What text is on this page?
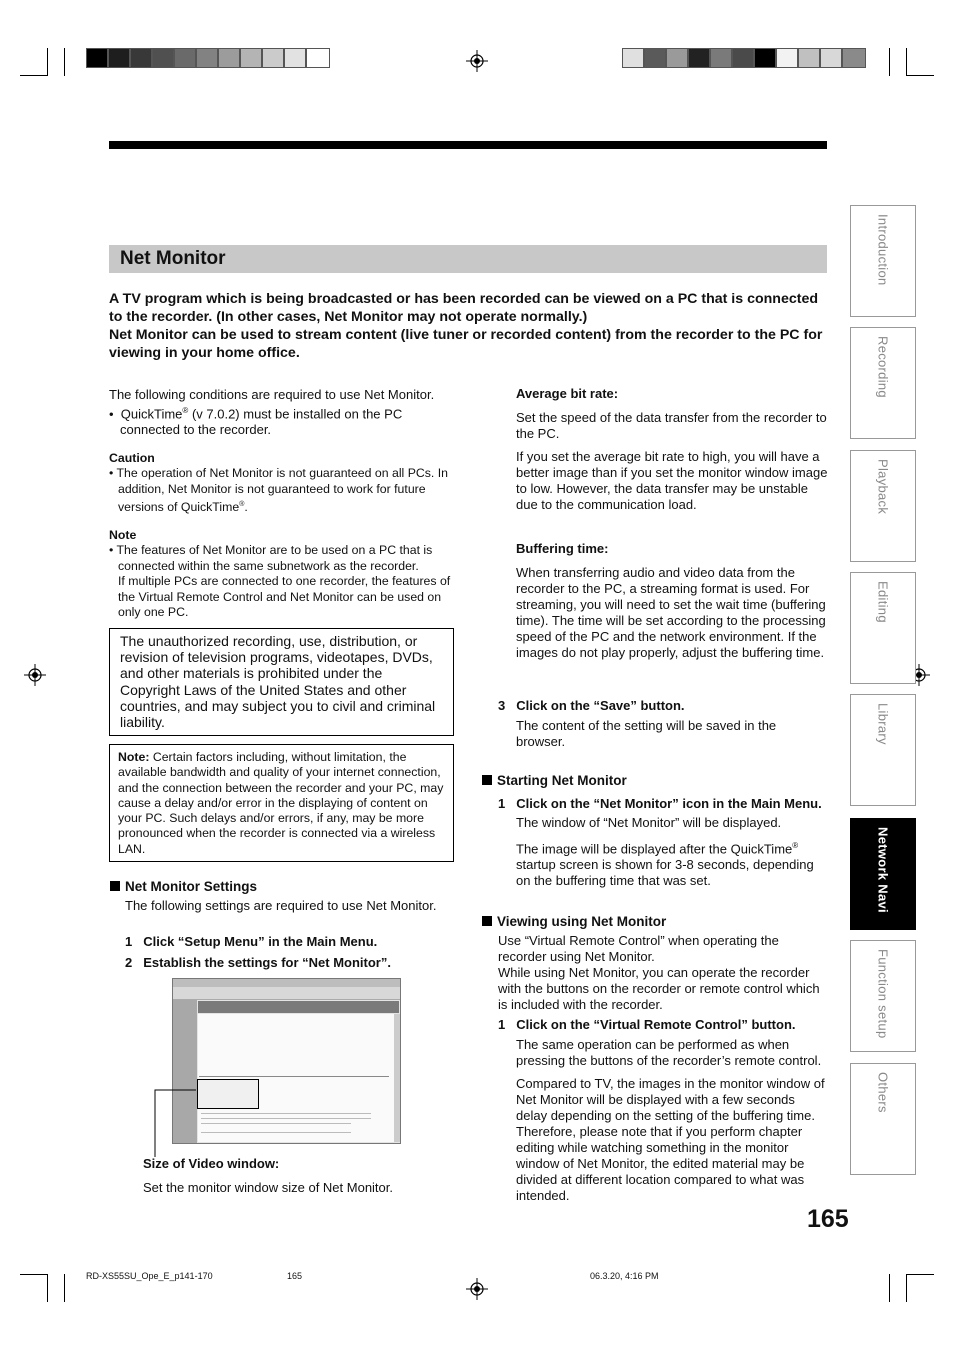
Net Monitor

A TV program which is being broadcasted or has been recorded can be viewed on a PC that is connected to the recorder. (In other cases, Net Monitor may not operate normally.)

Net Monitor can be used to stream content (live tuner or recorded content) from the recorder to the PC for viewing in your home office.

The following conditions are required to use Net Monitor.

•  QuickTime® (v 7.0.2) must be installed on the PC connected to the recorder.

Caution

• The operation of Net Monitor is not guaranteed on all PCs. In addition, Net Monitor is not guaranteed to work for future versions of QuickTime®.

Note

• The features of Net Monitor are to be used on a PC that is connected within the same subnetwork as the recorder.

If multiple PCs are connected to one recorder, the features of the Virtual Remote Control and Net Monitor can be used on only one PC.

The unauthorized recording, use, distribution, or revision of television programs, videotapes, DVDs, and other materials is prohibited under the Copyright Laws of the United States and other countries, and may subject you to civil and criminal liability.
Note: Certain factors including, without limitation, the available bandwidth and quality of your internet connection, and the connection between the recorder and your PC, may cause a delay and/or error in the displaying of content on your PC. Such delays and/or errors, if any, may be more pronounced when the recorder is connected via a wireless LAN.
Net Monitor Settings
The following settings are required to use Net Monitor.
1 Click “Setup Menu” in the Main Menu.
2 Establish the settings for “Net Monitor”.
Size of Video window:
Set the monitor window size of Net Monitor.
Average bit rate:

Set the speed of the data transfer from the recorder to the PC.

If you set the average bit rate to high, you will have a better image than if you set the monitor window image to low. However, the data transfer may be unstable due to the communication load.

Buffering time:
When transferring audio and video data from the recorder to the PC, a streaming format is used. For streaming, you will need to set the wait time (buffering time). The time will be set according to the processing speed of the PC and the network environment. If the images do not play properly, adjust the buffering time.
3 Click on the “Save” button.
The content of the setting will be saved in the browser.
Starting Net Monitor
1 Click on the “Net Monitor” icon in the Main Menu.

The window of “Net Monitor” will be displayed.

The image will be displayed after the QuickTime® startup screen is shown for 3-8 seconds, depending on the buffering time that was set.

Viewing using Net Monitor

Use “Virtual Remote Control” when operating the recorder using Net Monitor.

While using Net Monitor, you can operate the recorder with the buttons on the recorder or remote control which is included with the recorder.

1 Click on the “Virtual Remote Control” button.

The same operation can be performed as when pressing the buttons of the recorder’s remote control.

Compared to TV, the images in the monitor window of Net Monitor will be displayed with a few seconds delay depending on the setting of the buffering time. Therefore, please note that if you perform chapter editing while watching something in the monitor window of Net Monitor, the edited material may be divided at different location compared to what was intended.

Introduction
Recording
Playback
Editing
Library
Network Navi
Function setup
Others
165
RD-XS55SU_Ope_E_p141-170	165	06.3.20, 4:16 PM
